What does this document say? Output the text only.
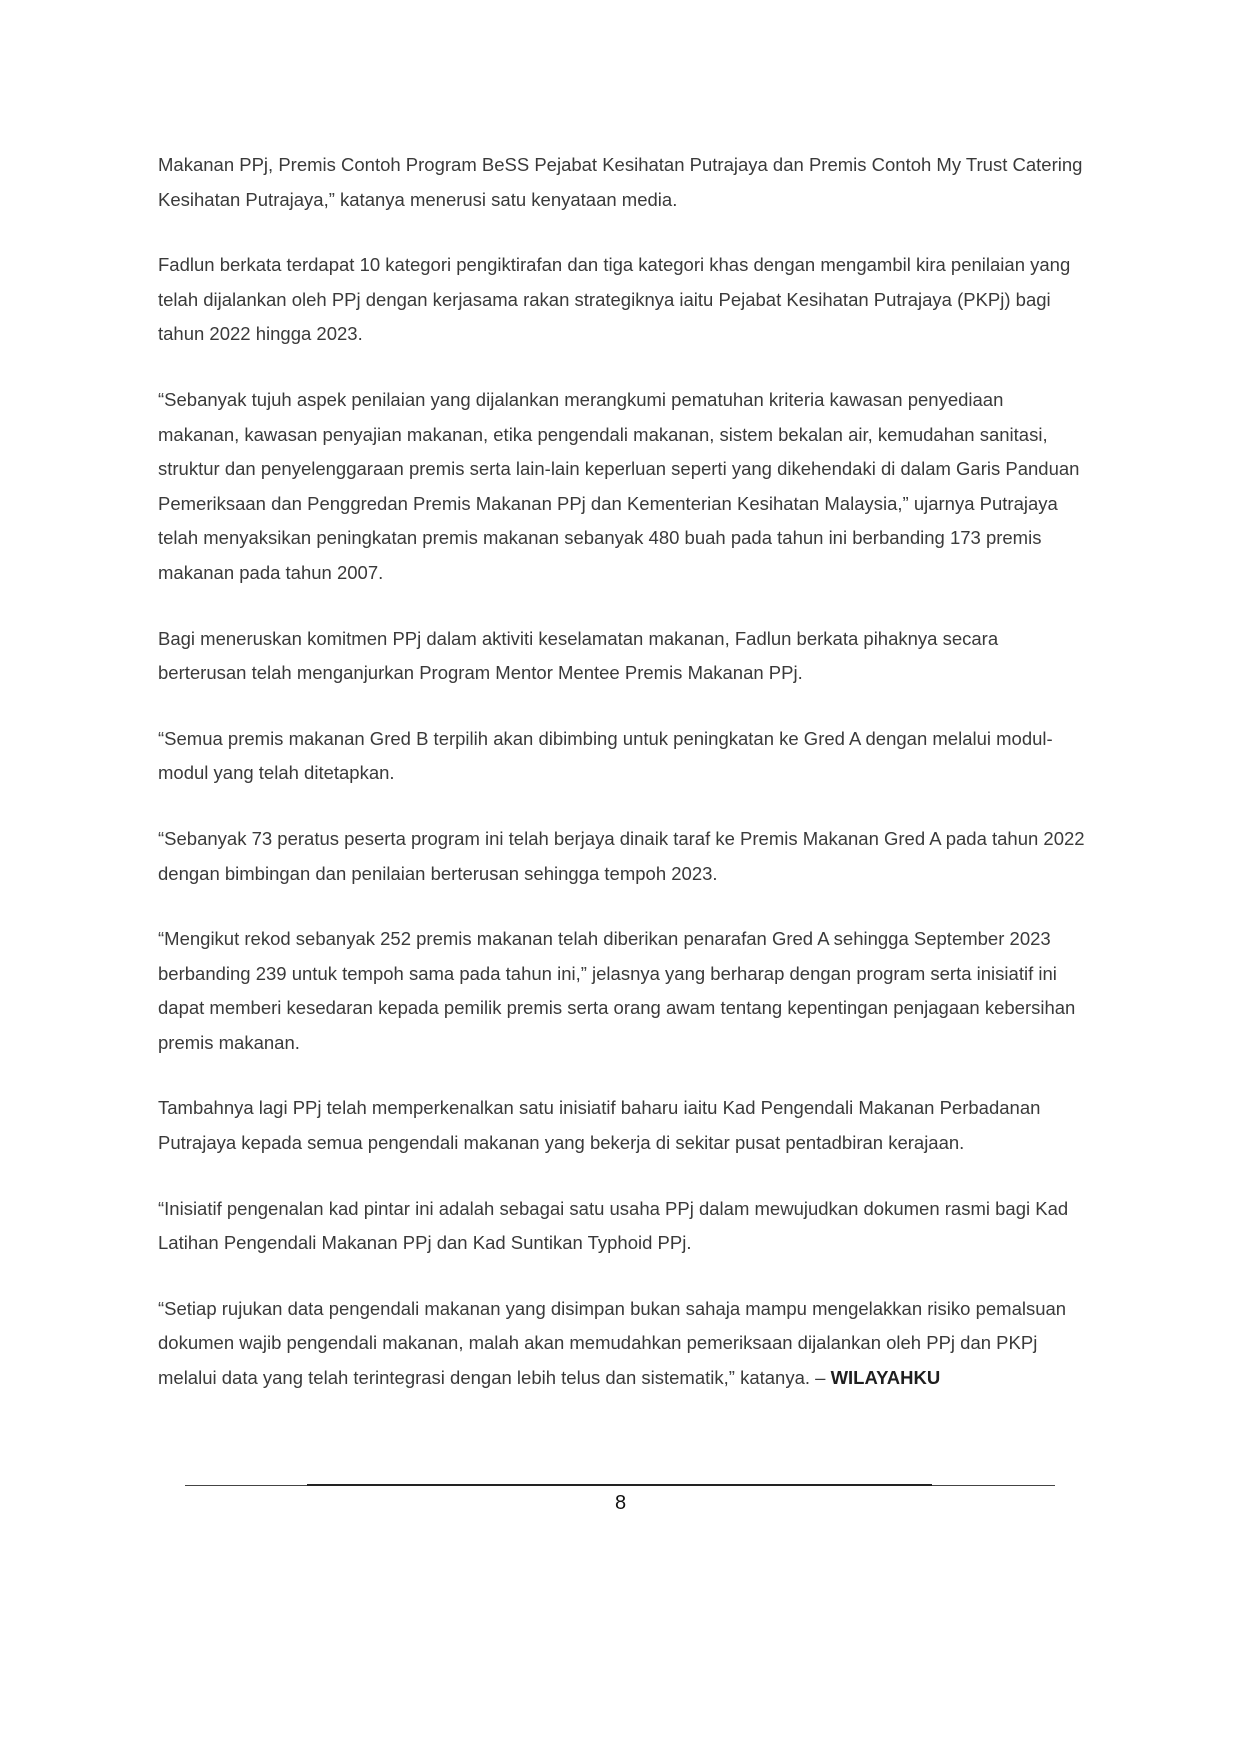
Makanan PPj, Premis Contoh Program BeSS Pejabat Kesihatan Putrajaya dan Premis Contoh My Trust Catering Kesihatan Putrajaya,” katanya menerusi satu kenyataan media.

Fadlun berkata terdapat 10 kategori pengiktirafan dan tiga kategori khas dengan mengambil kira penilaian yang telah dijalankan oleh PPj dengan kerjasama rakan strategiknya iaitu Pejabat Kesihatan Putrajaya (PKPj) bagi tahun 2022 hingga 2023.

“Sebanyak tujuh aspek penilaian yang dijalankan merangkumi pematuhan kriteria kawasan penyediaan makanan, kawasan penyajian makanan, etika pengendali makanan, sistem bekalan air, kemudahan sanitasi, struktur dan penyelenggaraan premis serta lain-lain keperluan seperti yang dikehendaki di dalam Garis Panduan Pemeriksaan dan Penggredan Premis Makanan PPj dan Kementerian Kesihatan Malaysia,” ujarnya Putrajaya telah menyaksikan peningkatan premis makanan sebanyak 480 buah pada tahun ini berbanding 173 premis makanan pada tahun 2007.

Bagi meneruskan komitmen PPj dalam aktiviti keselamatan makanan, Fadlun berkata pihaknya secara berterusan telah menganjurkan Program Mentor Mentee Premis Makanan PPj.

“Semua premis makanan Gred B terpilih akan dibimbing untuk peningkatan ke Gred A dengan melalui modul-modul yang telah ditetapkan.

“Sebanyak 73 peratus peserta program ini telah berjaya dinaik taraf ke Premis Makanan Gred A pada tahun 2022 dengan bimbingan dan penilaian berterusan sehingga tempoh 2023.

“Mengikut rekod sebanyak 252 premis makanan telah diberikan penarafan Gred A sehingga September 2023 berbanding 239 untuk tempoh sama pada tahun ini,” jelasnya yang berharap dengan program serta inisiatif ini dapat memberi kesedaran kepada pemilik premis serta orang awam tentang kepentingan penjagaan kebersihan premis makanan.

Tambahnya lagi PPj telah memperkenalkan satu inisiatif baharu iaitu Kad Pengendali Makanan Perbadanan Putrajaya kepada semua pengendali makanan yang bekerja di sekitar pusat pentadbiran kerajaan.

“Inisiatif pengenalan kad pintar ini adalah sebagai satu usaha PPj dalam mewujudkan dokumen rasmi bagi Kad Latihan Pengendali Makanan PPj dan Kad Suntikan Typhoid PPj.

“Setiap rujukan data pengendali makanan yang disimpan bukan sahaja mampu mengelakkan risiko pemalsuan dokumen wajib pengendali makanan, malah akan memudahkan pemeriksaan dijalankan oleh PPj dan PKPj melalui data yang telah terintegrasi dengan lebih telus dan sistematik,” katanya. – WILAYAHKU

8
